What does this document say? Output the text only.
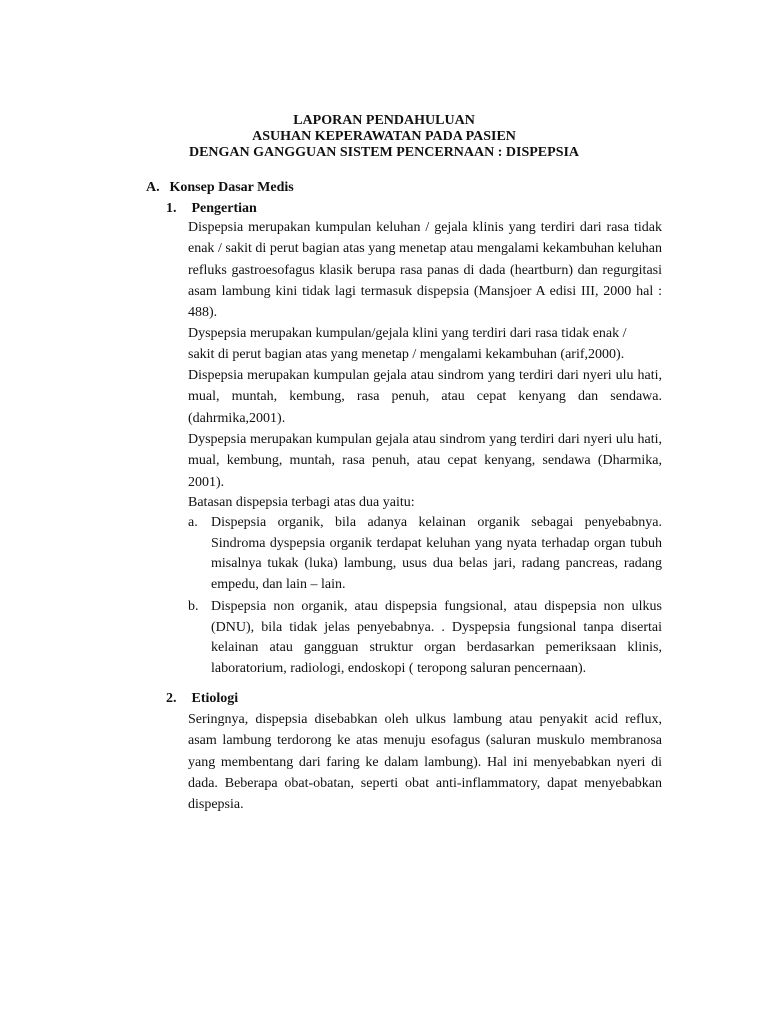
LAPORAN PENDAHULUAN
ASUHAN KEPERAWATAN PADA PASIEN
DENGAN GANGGUAN SISTEM PENCERNAAN : DISPEPSIA
A. Konsep Dasar Medis
1. Pengertian
Dispepsia merupakan kumpulan keluhan / gejala klinis yang terdiri dari rasa tidak enak / sakit di perut bagian atas yang menetap atau mengalami kekambuhan keluhan refluks gastroesofagus klasik berupa rasa panas di dada (heartburn) dan regurgitasi asam lambung kini tidak lagi termasuk dispepsia (Mansjoer A edisi III, 2000 hal : 488).
Dyspepsia merupakan kumpulan/gejala klini yang terdiri dari rasa tidak enak /
sakit di perut bagian atas yang menetap / mengalami kekambuhan (arif,2000).
Dispepsia merupakan kumpulan gejala atau sindrom yang terdiri dari nyeri ulu hati, mual, muntah, kembung, rasa penuh, atau cepat kenyang dan sendawa. (dahrmika,2001).
Dyspepsia merupakan kumpulan gejala atau sindrom yang terdiri dari nyeri ulu hati, mual, kembung, muntah, rasa penuh, atau cepat kenyang, sendawa (Dharmika, 2001).
Batasan dispepsia terbagi atas dua yaitu:
a. Dispepsia organik, bila adanya kelainan organik sebagai penyebabnya. Sindroma dyspepsia organik terdapat keluhan yang nyata terhadap organ tubuh misalnya tukak (luka) lambung, usus dua belas jari, radang pancreas, radang empedu, dan lain – lain.
b. Dispepsia non organik, atau dispepsia fungsional, atau dispepsia non ulkus (DNU), bila tidak jelas penyebabnya. . Dyspepsia fungsional tanpa disertai kelainan atau gangguan struktur organ berdasarkan pemeriksaan klinis, laboratorium, radiologi, endoskopi ( teropong saluran pencernaan).
2. Etiologi
Seringnya, dispepsia disebabkan oleh ulkus lambung atau penyakit acid reflux, asam lambung terdorong ke atas menuju esofagus (saluran muskulo membranosa yang membentang dari faring ke dalam lambung). Hal ini menyebabkan nyeri di dada. Beberapa obat-obatan, seperti obat anti-inflammatory, dapat menyebabkan dispepsia.
